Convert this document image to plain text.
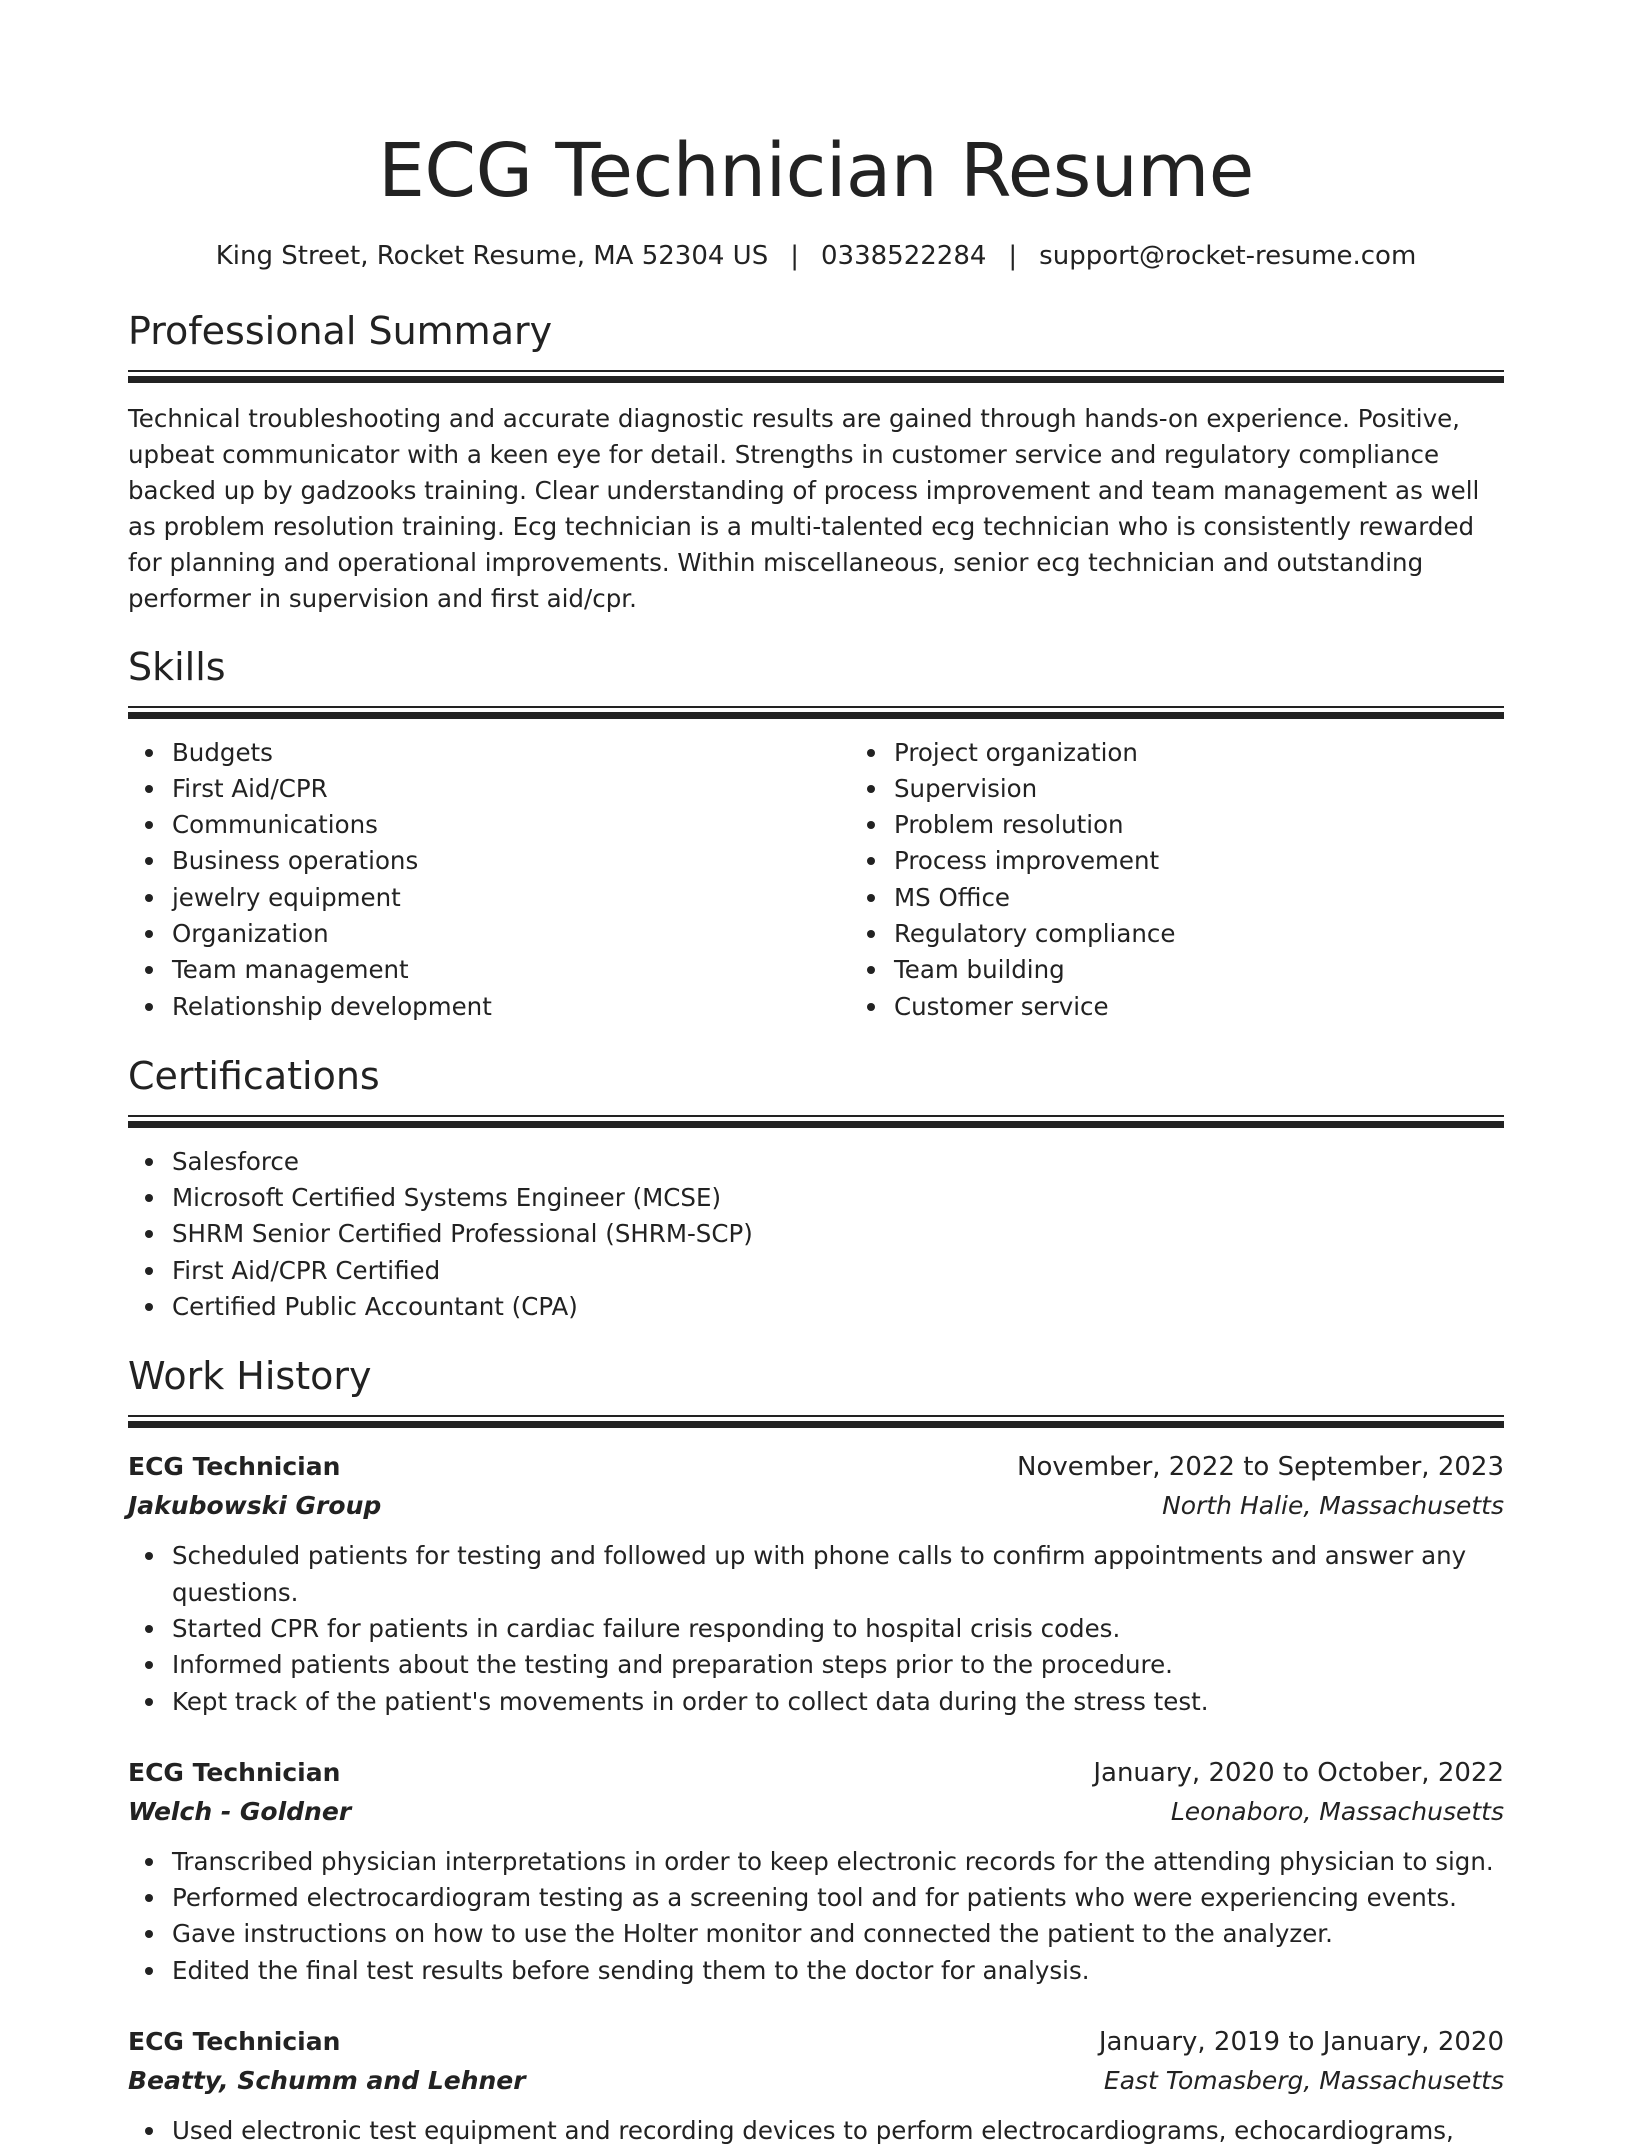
ECG Technician Resume
King Street, Rocket Resume, MA 52304 US | 0338522284 | support@rocket-resume.com
Professional Summary

Technical troubleshooting and accurate diagnostic results are gained through hands-on experience. Positive, upbeat communicator with a keen eye for detail. Strengths in customer service and regulatory compliance backed up by gadzooks training. Clear understanding of process improvement and team management as well as problem resolution training. Ecg technician is a multi-talented ecg technician who is consistently rewarded for planning and operational improvements. Within miscellaneous, senior ecg technician and outstanding performer in supervision and first aid/cpr.

Skills
Budgets
First Aid/CPR
Communications
Business operations
jewelry equipment
Organization
Team management
Relationship development
Project organization
Supervision
Problem resolution
Process improvement
MS Office
Regulatory compliance
Team building
Customer service
Certifications
Salesforce
Microsoft Certified Systems Engineer (MCSE)
SHRM Senior Certified Professional (SHRM-SCP)
First Aid/CPR Certified
Certified Public Accountant (CPA)
Work History
ECG Technician	November, 2022 to September, 2023
Jakubowski Group	North Halie, Massachusetts
Scheduled patients for testing and followed up with phone calls to confirm appointments and answer any questions.
Started CPR for patients in cardiac failure responding to hospital crisis codes.
Informed patients about the testing and preparation steps prior to the procedure.
Kept track of the patient's movements in order to collect data during the stress test.
ECG Technician	January, 2020 to October, 2022
Welch - Goldner	Leonaboro, Massachusetts
Transcribed physician interpretations in order to keep electronic records for the attending physician to sign.
Performed electrocardiogram testing as a screening tool and for patients who were experiencing events.
Gave instructions on how to use the Holter monitor and connected the patient to the analyzer.
Edited the final test results before sending them to the doctor for analysis.
ECG Technician	January, 2019 to January, 2020
Beatty, Schumm and Lehner	East Tomasberg, Massachusetts
Used electronic test equipment and recording devices to perform electrocardiograms, echocardiograms,
